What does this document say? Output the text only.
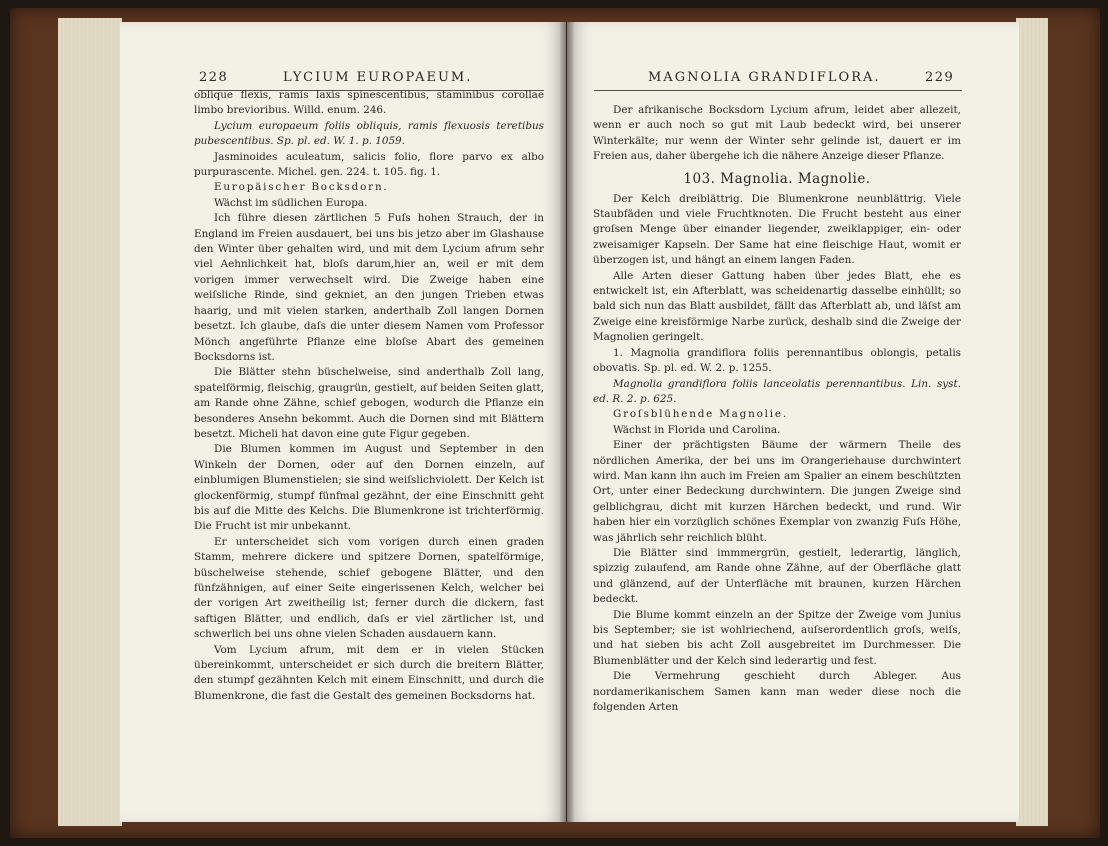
228	LYCIUM EUROPAEUM.	MAGNOLIA GRANDIFLORA.	229

oblique flexis, ramis laxis spinescentibus, staminibus corollae limbo brevioribus. Willd. enum. 246.

Lycium europaeum foliis obliquis, ramis flexuosis teretibus pubescentibus. Sp. pl. ed. W. 1. p. 1059.

Jasminoides aculeatum, salicis folio, flore parvo ex albo purpurascente. Michel. gen. 224. t. 105. fig. 1.

Europäischer Bocksdorn.

Wächst im südlichen Europa.

Ich führe diesen zärtlichen 5 Fuſs hohen Strauch, der in England im Freien ausdauert, bei uns bis jetzo aber im Glashause den Winter über gehalten wird, und mit dem Lycium afrum sehr viel Aehnlichkeit hat, bloſs darum,hier an, weil er mit dem vorigen immer verwechselt wird. Die Zweige haben eine weiſsliche Rinde, sind gekniet, an den jungen Trieben etwas haarig, und mit vielen starken, anderthalb Zoll langen Dornen besetzt. Ich glaube, daſs die unter diesem Namen vom Professor Mönch angeführte Pflanze eine bloſse Abart des gemeinen Bocksdorns ist.

Die Blätter stehn büschelweise, sind anderthalb Zoll lang, spatelförmig, fleischig, graugrün, gestielt, auf beiden Seiten glatt, am Rande ohne Zähne, schief gebogen, wodurch die Pflanze ein besonderes Ansehn bekommt. Auch die Dornen sind mit Blättern besetzt. Micheli hat davon eine gute Figur gegeben.

Die Blumen kommen im August und September in den Winkeln der Dornen, oder auf den Dornen einzeln, auf einblumigen Blumenstielen; sie sind weiſslichviolett. Der Kelch ist glockenförmig, stumpf fünfmal gezähnt, der eine Einschnitt geht bis auf die Mitte des Kelchs. Die Blumenkrone ist trichterförmig. Die Frucht ist mir unbekannt.

Er unterscheidet sich vom vorigen durch einen graden Stamm, mehrere dickere und spitzere Dornen, spatelförmige, büschelweise stehende, schief gebogene Blätter, und den fünfzähnigen, auf einer Seite eingerissenen Kelch, welcher bei der vorigen Art zweitheilig ist; ferner durch die dickern, fast saftigen Blätter, und endlich, daſs er viel zärtlicher ist, und schwerlich bei uns ohne vielen Schaden ausdauern kann.

Vom Lycium afrum, mit dem er in vielen Stücken übereinkommt, unterscheidet er sich durch die breitern Blätter, den stumpf gezähnten Kelch mit einem Einschnitt, und durch die Blumenkrone, die fast die Gestalt des gemeinen Bocksdorns hat.

Der afrikanische Bocksdorn Lycium afrum, leidet aber allezeit, wenn er auch noch so gut mit Laub bedeckt wird, bei unserer Winterkälte; nur wenn der Winter sehr gelinde ist, dauert er im Freien aus, daher übergehe ich die nähere Anzeige dieser Pflanze.

103. Magnolia. Magnolie.

Der Kelch dreiblättrig. Die Blumenkrone neunblättrig. Viele Staubfäden und viele Fruchtknoten. Die Frucht besteht aus einer groſsen Menge über einander liegender, zweiklappiger, ein- oder zweisamiger Kapseln. Der Same hat eine fleischige Haut, womit er überzogen ist, und hängt an einem langen Faden.

Alle Arten dieser Gattung haben über jedes Blatt, ehe es entwickelt ist, ein Afterblatt, was scheidenartig dasselbe einhüllt; so bald sich nun das Blatt ausbildet, fällt das Afterblatt ab, und läſst am Zweige eine kreisförmige Narbe zurück, deshalb sind die Zweige der Magnolien geringelt.

1. Magnolia grandiflora foliis perennantibus oblongis, petalis obovatis. Sp. pl. ed. W. 2. p. 1255.

Magnolia grandiflora foliis lanceolatis perennantibus. Lin. syst. ed. R. 2. p. 625.

Groſsblühende Magnolie.

Wächst in Florida und Carolina.

Einer der prächtigsten Bäume der wärmern Theile des nördlichen Amerika, der bei uns im Orangeriehause durchwintert wird. Man kann ihn auch im Freien am Spalier an einem beschützten Ort, unter einer Bedeckung durchwintern. Die jungen Zweige sind gelblichgrau, dicht mit kurzen Härchen bedeckt, und rund. Wir haben hier ein vorzüglich schönes Exemplar von zwanzig Fuſs Höhe, was jährlich sehr reichlich blüht.

Die Blätter sind immmergrün, gestielt, lederartig, länglich, spizzig zulaufend, am Rande ohne Zähne, auf der Oberfläche glatt und glänzend, auf der Unterfläche mit braunen, kurzen Härchen bedeckt.

Die Blume kommt einzeln an der Spitze der Zweige vom Junius bis September; sie ist wohlriechend, auſserordentlich groſs, weiſs, und hat sieben bis acht Zoll ausgebreitet im Durchmesser. Die Blumenblätter und der Kelch sind lederartig und fest.

Die Vermehrung geschieht durch Ableger. Aus nordamerikanischem Samen kann man weder diese noch die folgenden Arten
